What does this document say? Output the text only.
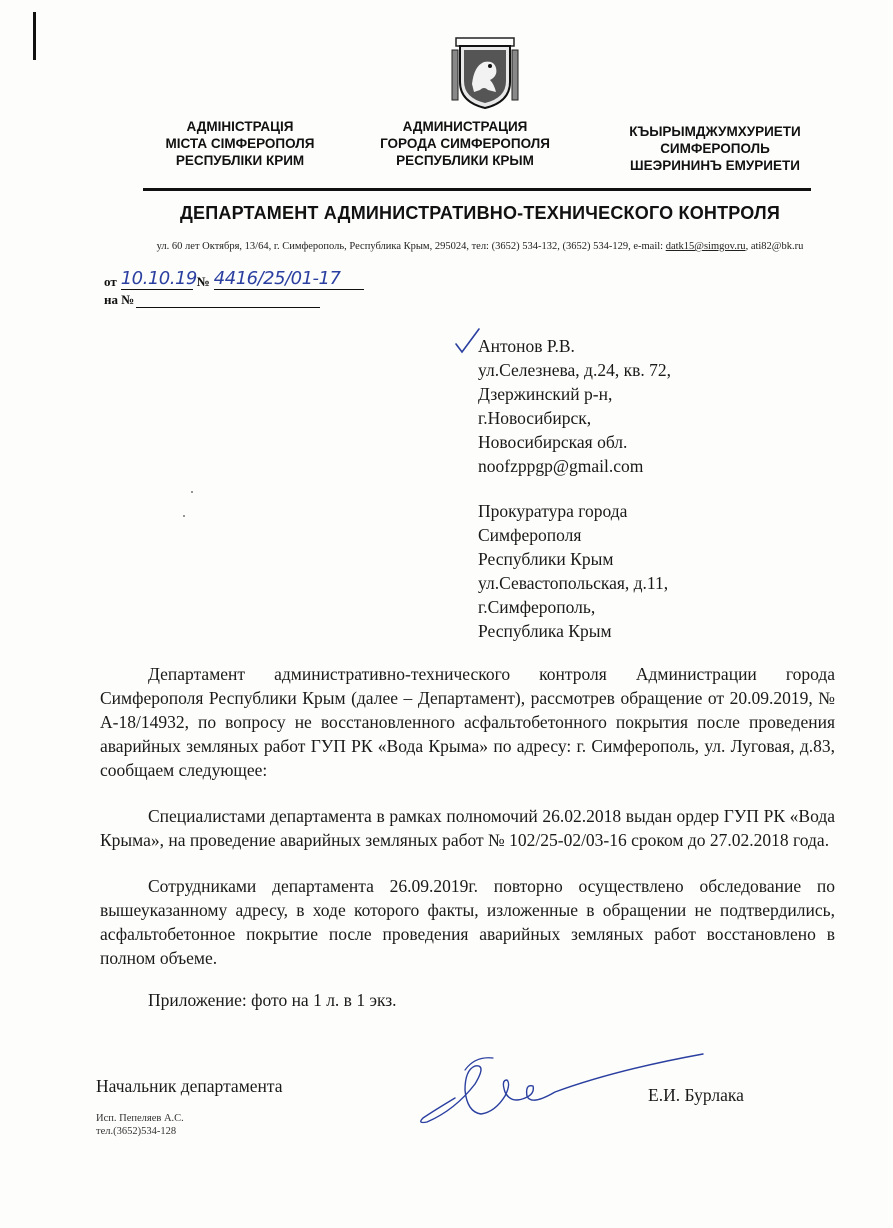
АДМІНІСТРАЦІЯ
МІСТА СІМФЕРОПОЛЯ
РЕСПУБЛІКИ КРИМ
АДМИНИСТРАЦИЯ
ГОРОДА СИМФЕРОПОЛЯ
РЕСПУБЛИКИ КРЫМ
КЪЫРЫМДЖУМХУРИЕТИ
СИМФЕРОПОЛЬ
ШЕЭРИНИНЪ ЕМУРИЕТИ
ДЕПАРТАМЕНТ АДМИНИСТРАТИВНО-ТЕХНИЧЕСКОГО КОНТРОЛЯ
ул. 60 лет Октября, 13/64, г. Симферополь, Республика Крым, 295024, тел: (3652) 534-132, (3652) 534-129, e-mail: datk15@simgov.ru, ati82@bk.ru
от 10.10.19 № 4416/25/01-17
на №
Антонов Р.В.
ул.Селезнева, д.24, кв. 72,
Дзержинский р-н,
г.Новосибирск,
Новосибирская обл.
noofzppgp@gmail.com
Прокуратура города
Симферополя
Республики Крым
ул.Севастопольская, д.11,
г.Симферополь,
Республика Крым

Департамент административно-технического контроля Администрации города Симферополя Республики Крым (далее – Департамент), рассмотрев обращение от 20.09.2019, № А-18/14932, по вопросу не восстановленного асфальтобетонного покрытия после проведения аварийных земляных работ ГУП РК «Вода Крыма» по адресу: г. Симферополь, ул. Луговая, д.83, сообщаем следующее:

Специалистами департамента в рамках полномочий 26.02.2018 выдан ордер ГУП РК «Вода Крыма», на проведение аварийных земляных работ № 102/25-02/03-16 сроком до 27.02.2018 года.

Сотрудниками департамента 26.09.2019г. повторно осуществлено обследование по вышеуказанному адресу, в ходе которого факты, изложенные в обращении не подтвердились, асфальтобетонное покрытие после проведения аварийных земляных работ восстановлено в полном объеме.

Приложение: фото на 1 л. в 1 экз.
Начальник департамента	Е.И. Бурлака
Исп. Пепеляев А.С.
тел.(3652)534-128
